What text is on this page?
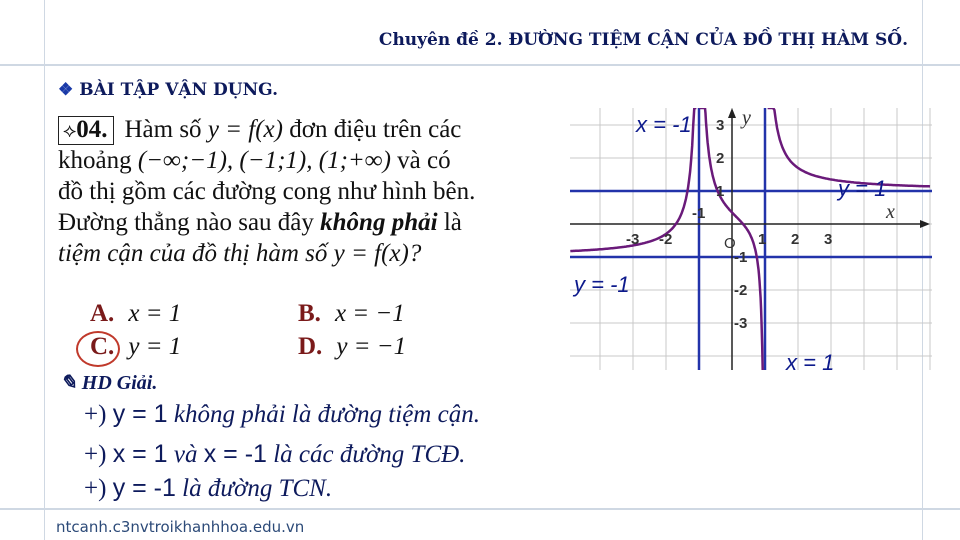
Chuyên đề 2. ĐƯỜNG TIỆM CẬN CỦA ĐỒ THỊ HÀM SỐ.
❖ BÀI TẬP VẬN DỤNG.

⟡04. Hàm số y = f(x) đơn điệu trên các

khoảng (−∞;−1), (−1;1), (1;+∞) và có

đồ thị gồm các đường cong như hình bên.

Đường thẳng nào sau đây không phải là

tiệm cận của đồ thị hàm số y = f(x)?

A. x = 1	B. x = −1
C. y = 1	D. y = −1
✎ HD Giải.
+) y = 1 không phải là đường tiệm cận.
+) x = 1 và x = -1 là các đường TCĐ.
+) y = -1 là đường TCN.
x
y
O
-3 -2
-1
1 2 3
3
2
1
-1
-2
-3
x = -1
y = 1
y = -1
x = 1
ntcanh.c3nvtroikhanhhoa.edu.vn
